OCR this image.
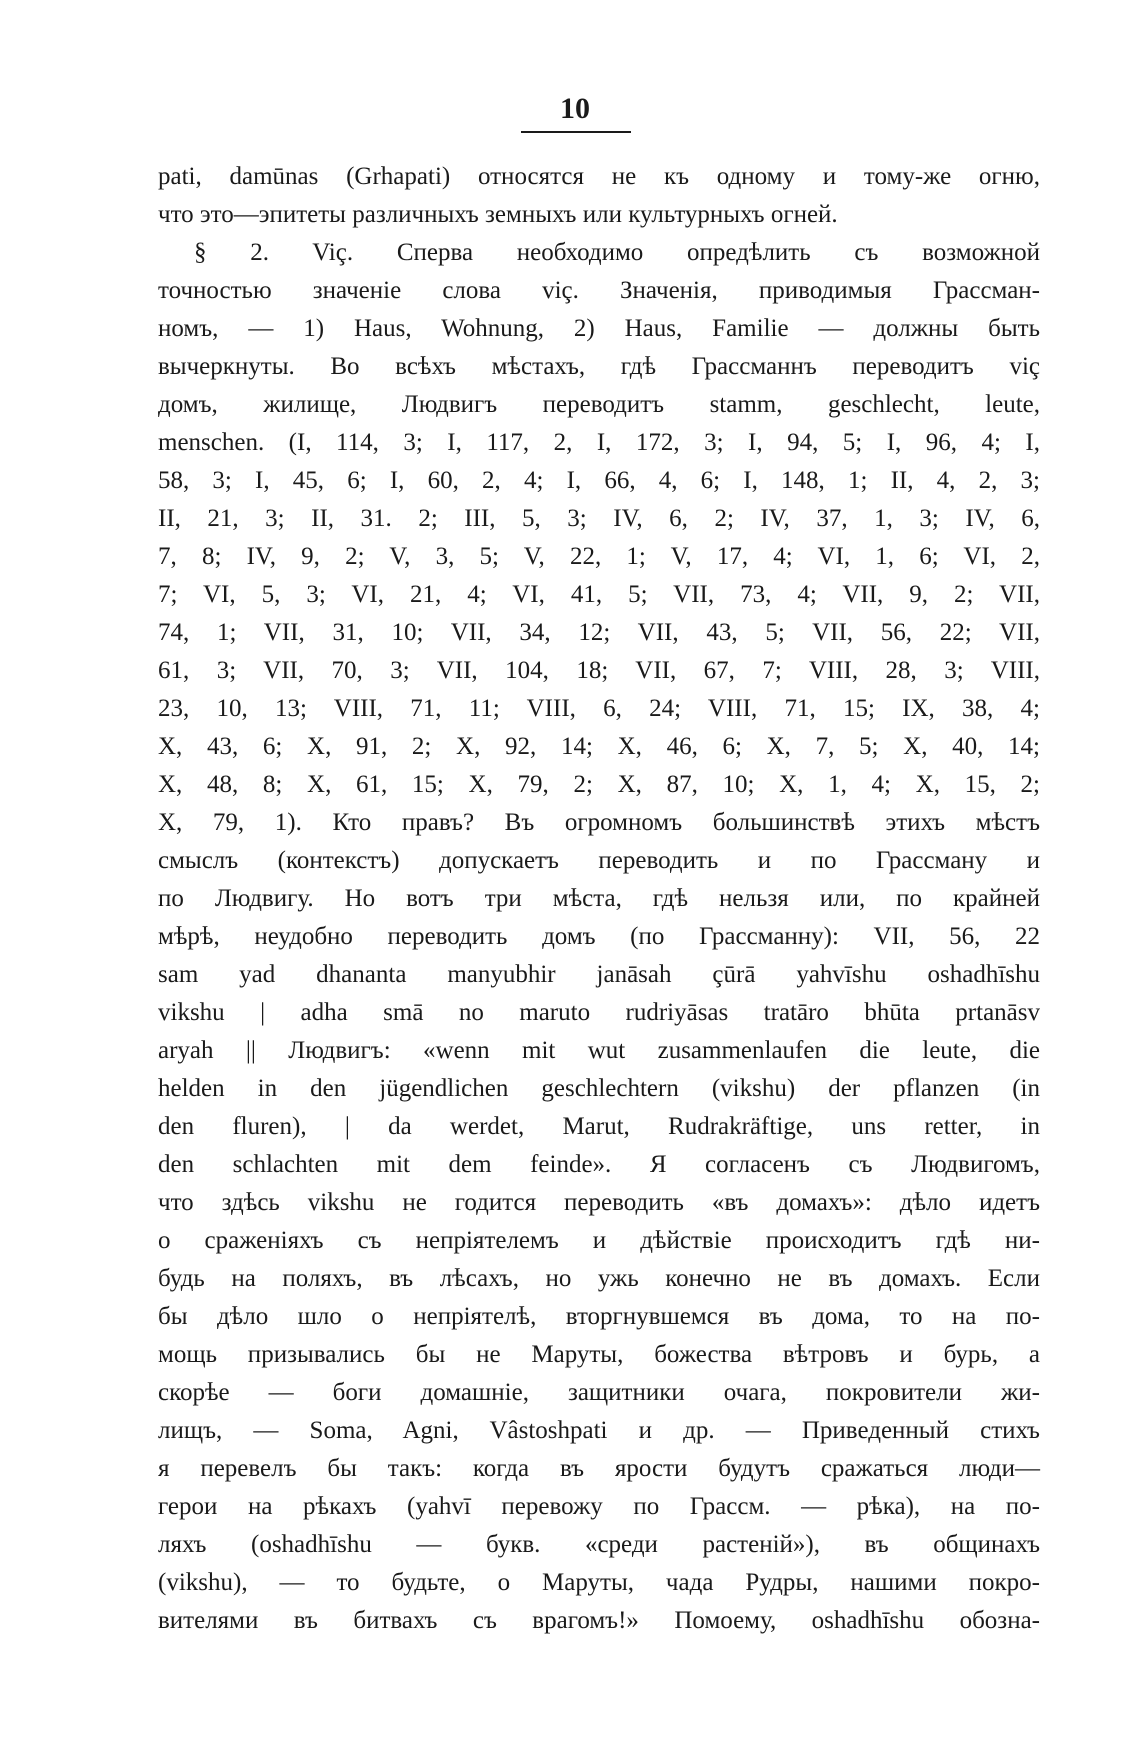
10
pati, damūnas (Grhapati) относятся не къ одному и тому-же огню,
что это—эпитеты различныхъ земныхъ или культурныхъ огней.
§ 2. Viç. Сперва необходимо опредѣлить съ возможной
точностью значеніе слова viç. Значенія, приводимыя Грассман-
номъ, — 1) Haus, Wohnung, 2) Haus, Familie — должны быть
вычеркнуты. Во всѣхъ мѣстахъ, гдѣ Грассманнъ переводитъ viç
домъ, жилище, Людвигъ переводитъ stamm, geschlecht, leute,
menschen. (I, 114, 3; I, 117, 2, I, 172, 3; I, 94, 5; I, 96, 4; I,
58, 3; I, 45, 6; I, 60, 2, 4; I, 66, 4, 6; I, 148, 1; II, 4, 2, 3;
II, 21, 3; II, 31. 2; III, 5, 3; IV, 6, 2; IV, 37, 1, 3; IV, 6,
7, 8; IV, 9, 2; V, 3, 5; V, 22, 1; V, 17, 4; VI, 1, 6; VI, 2,
7; VI, 5, 3; VI, 21, 4; VI, 41, 5; VII, 73, 4; VII, 9, 2; VII,
74, 1; VII, 31, 10; VII, 34, 12; VII, 43, 5; VII, 56, 22; VII,
61, 3; VII, 70, 3; VII, 104, 18; VII, 67, 7; VIII, 28, 3; VIII,
23, 10, 13; VIII, 71, 11; VIII, 6, 24; VIII, 71, 15; IX, 38, 4;
X, 43, 6; X, 91, 2; X, 92, 14; X, 46, 6; X, 7, 5; X, 40, 14;
X, 48, 8; X, 61, 15; X, 79, 2; X, 87, 10; X, 1, 4; X, 15, 2;
X, 79, 1). Кто правъ? Въ огромномъ большинствѣ этихъ мѣстъ
смыслъ (контекстъ) допускаетъ переводить и по Грассману и
по Людвигу. Но вотъ три мѣста, гдѣ нельзя или, по крайней
мѣрѣ, неудобно переводить домъ (по Грассманну): VII, 56, 22
sam yad dhananta manyubhir janāsah çūrā yahvīshu oshadhīshu
vikshu | adha smā no maruto rudriyāsas tratāro bhūta prtanāsv
aryah || Людвигъ: «wenn mit wut zusammenlaufen die leute, die
helden in den jügendlichen geschlechtern (vikshu) der pflanzen (in
den fluren), | da werdet, Marut, Rudrakräftige, uns retter, in
den schlachten mit dem feinde». Я согласенъ съ Людвигомъ,
что здѣсь vikshu не годится переводить «въ домахъ»: дѣло идетъ
о сраженіяхъ съ непріятелемъ и дѣйствіе происходитъ гдѣ ни-
будь на поляхъ, въ лѣсахъ, но ужь конечно не въ домахъ. Если
бы дѣло шло о непріятелѣ, вторгнувшемся въ дома, то на по-
мощь призывались бы не Маруты, божества вѣтровъ и бурь, а
скорѣе — боги домашніе, защитники очага, покровители жи-
лищъ, — Soma, Agni, Vâstoshpati и др. — Приведенный стихъ
я перевелъ бы такъ: когда въ ярости будутъ сражаться люди—
герои на рѣкахъ (yahvī перевожу по Грассм. — рѣка), на по-
ляхъ (oshadhīshu — букв. «среди растеній»), въ общинахъ
(vikshu), — то будьте, о Маруты, чада Рудры, нашими покро-
вителями въ битвахъ съ врагомъ!» Помоему, oshadhīshu обозна-
